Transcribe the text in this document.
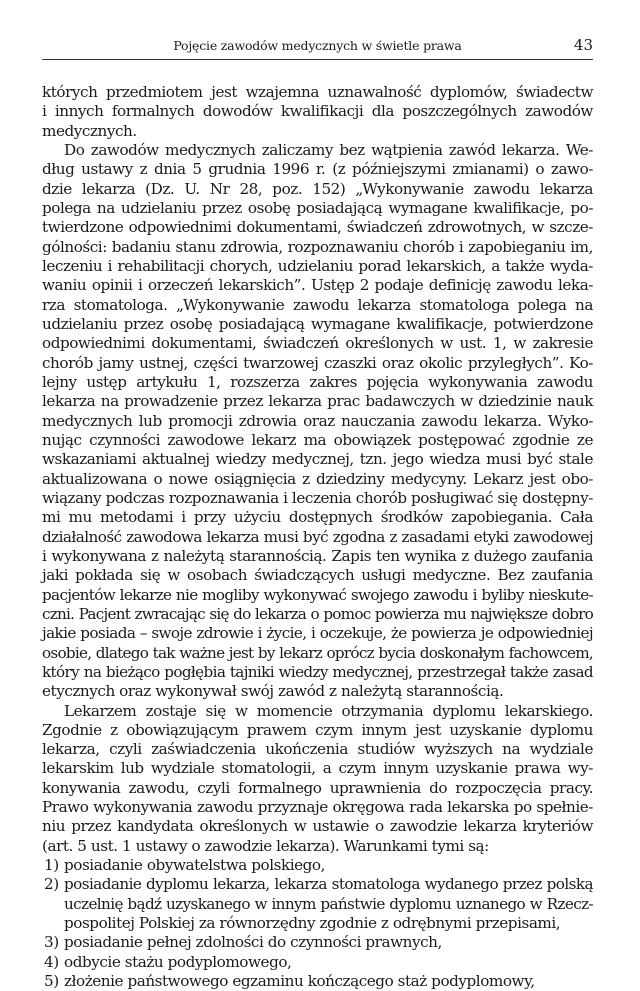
Pojęcie zawodów medycznych w świetle prawa	43
których przedmiotem jest wzajemna uznawalność dyplomów, świadectw
i innych formalnych dowodów kwalifikacji dla poszczególnych zawodów
medycznych.
Do zawodów medycznych zaliczamy bez wątpienia zawód lekarza. We-
dług ustawy z dnia 5 grudnia 1996 r. (z późniejszymi zmianami) o zawo-
dzie lekarza (Dz. U. Nr 28, poz. 152) „Wykonywanie zawodu lekarza
polega na udzielaniu przez osobę posiadającą wymagane kwalifikacje, po-
twierdzone odpowiednimi dokumentami, świadczeń zdrowotnych, w szcze-
gólności: badaniu stanu zdrowia, rozpoznawaniu chorób i zapobieganiu im,
leczeniu i rehabilitacji chorych, udzielaniu porad lekarskich, a także wyda-
waniu opinii i orzeczeń lekarskich”. Ustęp 2 podaje definicję zawodu leka-
rza stomatologa. „Wykonywanie zawodu lekarza stomatologa polega na
udzielaniu przez osobę posiadającą wymagane kwalifikacje, potwierdzone
odpowiednimi dokumentami, świadczeń określonych w ust. 1, w zakresie
chorób jamy ustnej, części twarzowej czaszki oraz okolic przyległych”. Ko-
lejny ustęp artykułu 1, rozszerza zakres pojęcia wykonywania zawodu
lekarza na prowadzenie przez lekarza prac badawczych w dziedzinie nauk
medycznych lub promocji zdrowia oraz nauczania zawodu lekarza. Wyko-
nując czynności zawodowe lekarz ma obowiązek postępować zgodnie ze
wskazaniami aktualnej wiedzy medycznej, tzn. jego wiedza musi być stale
aktualizowana o nowe osiągnięcia z dziedziny medycyny. Lekarz jest obo-
wiązany podczas rozpoznawania i leczenia chorób posługiwać się dostępny-
mi mu metodami i przy użyciu dostępnych środków zapobiegania. Cała
działalność zawodowa lekarza musi być zgodna z zasadami etyki zawodowej
i wykonywana z należytą starannością. Zapis ten wynika z dużego zaufania
jaki pokłada się w osobach świadczących usługi medyczne. Bez zaufania
pacjentów lekarze nie mogliby wykonywać swojego zawodu i byliby nieskute-
czni. Pacjent zwracając się do lekarza o pomoc powierza mu największe dobro
jakie posiada – swoje zdrowie i życie, i oczekuje, że powierza je odpowiedniej
osobie, dlatego tak ważne jest by lekarz oprócz bycia doskonałym fachowcem,
który na bieżąco pogłębia tajniki wiedzy medycznej, przestrzegał także zasad
etycznych oraz wykonywał swój zawód z należytą starannością.
Lekarzem zostaje się w momencie otrzymania dyplomu lekarskiego.
Zgodnie z obowiązującym prawem czym innym jest uzyskanie dyplomu
lekarza, czyli zaświadczenia ukończenia studiów wyższych na wydziale
lekarskim lub wydziale stomatologii, a czym innym uzyskanie prawa wy-
konywania zawodu, czyli formalnego uprawnienia do rozpoczęcia pracy.
Prawo wykonywania zawodu przyznaje okręgowa rada lekarska po spełnie-
niu przez kandydata określonych w ustawie o zawodzie lekarza kryteriów
(art. 5 ust. 1 ustawy o zawodzie lekarza). Warunkami tymi są:
1) posiadanie obywatelstwa polskiego,
2) posiadanie dyplomu lekarza, lekarza stomatologa wydanego przez polską
uczelnię bądź uzyskanego w innym państwie dyplomu uznanego w Rzecz-
pospolitej Polskiej za równorzędny zgodnie z odrębnymi przepisami,
3) posiadanie pełnej zdolności do czynności prawnych,
4) odbycie stażu podyplomowego,
5) złożenie państwowego egzaminu kończącego staż podyplomowy,
